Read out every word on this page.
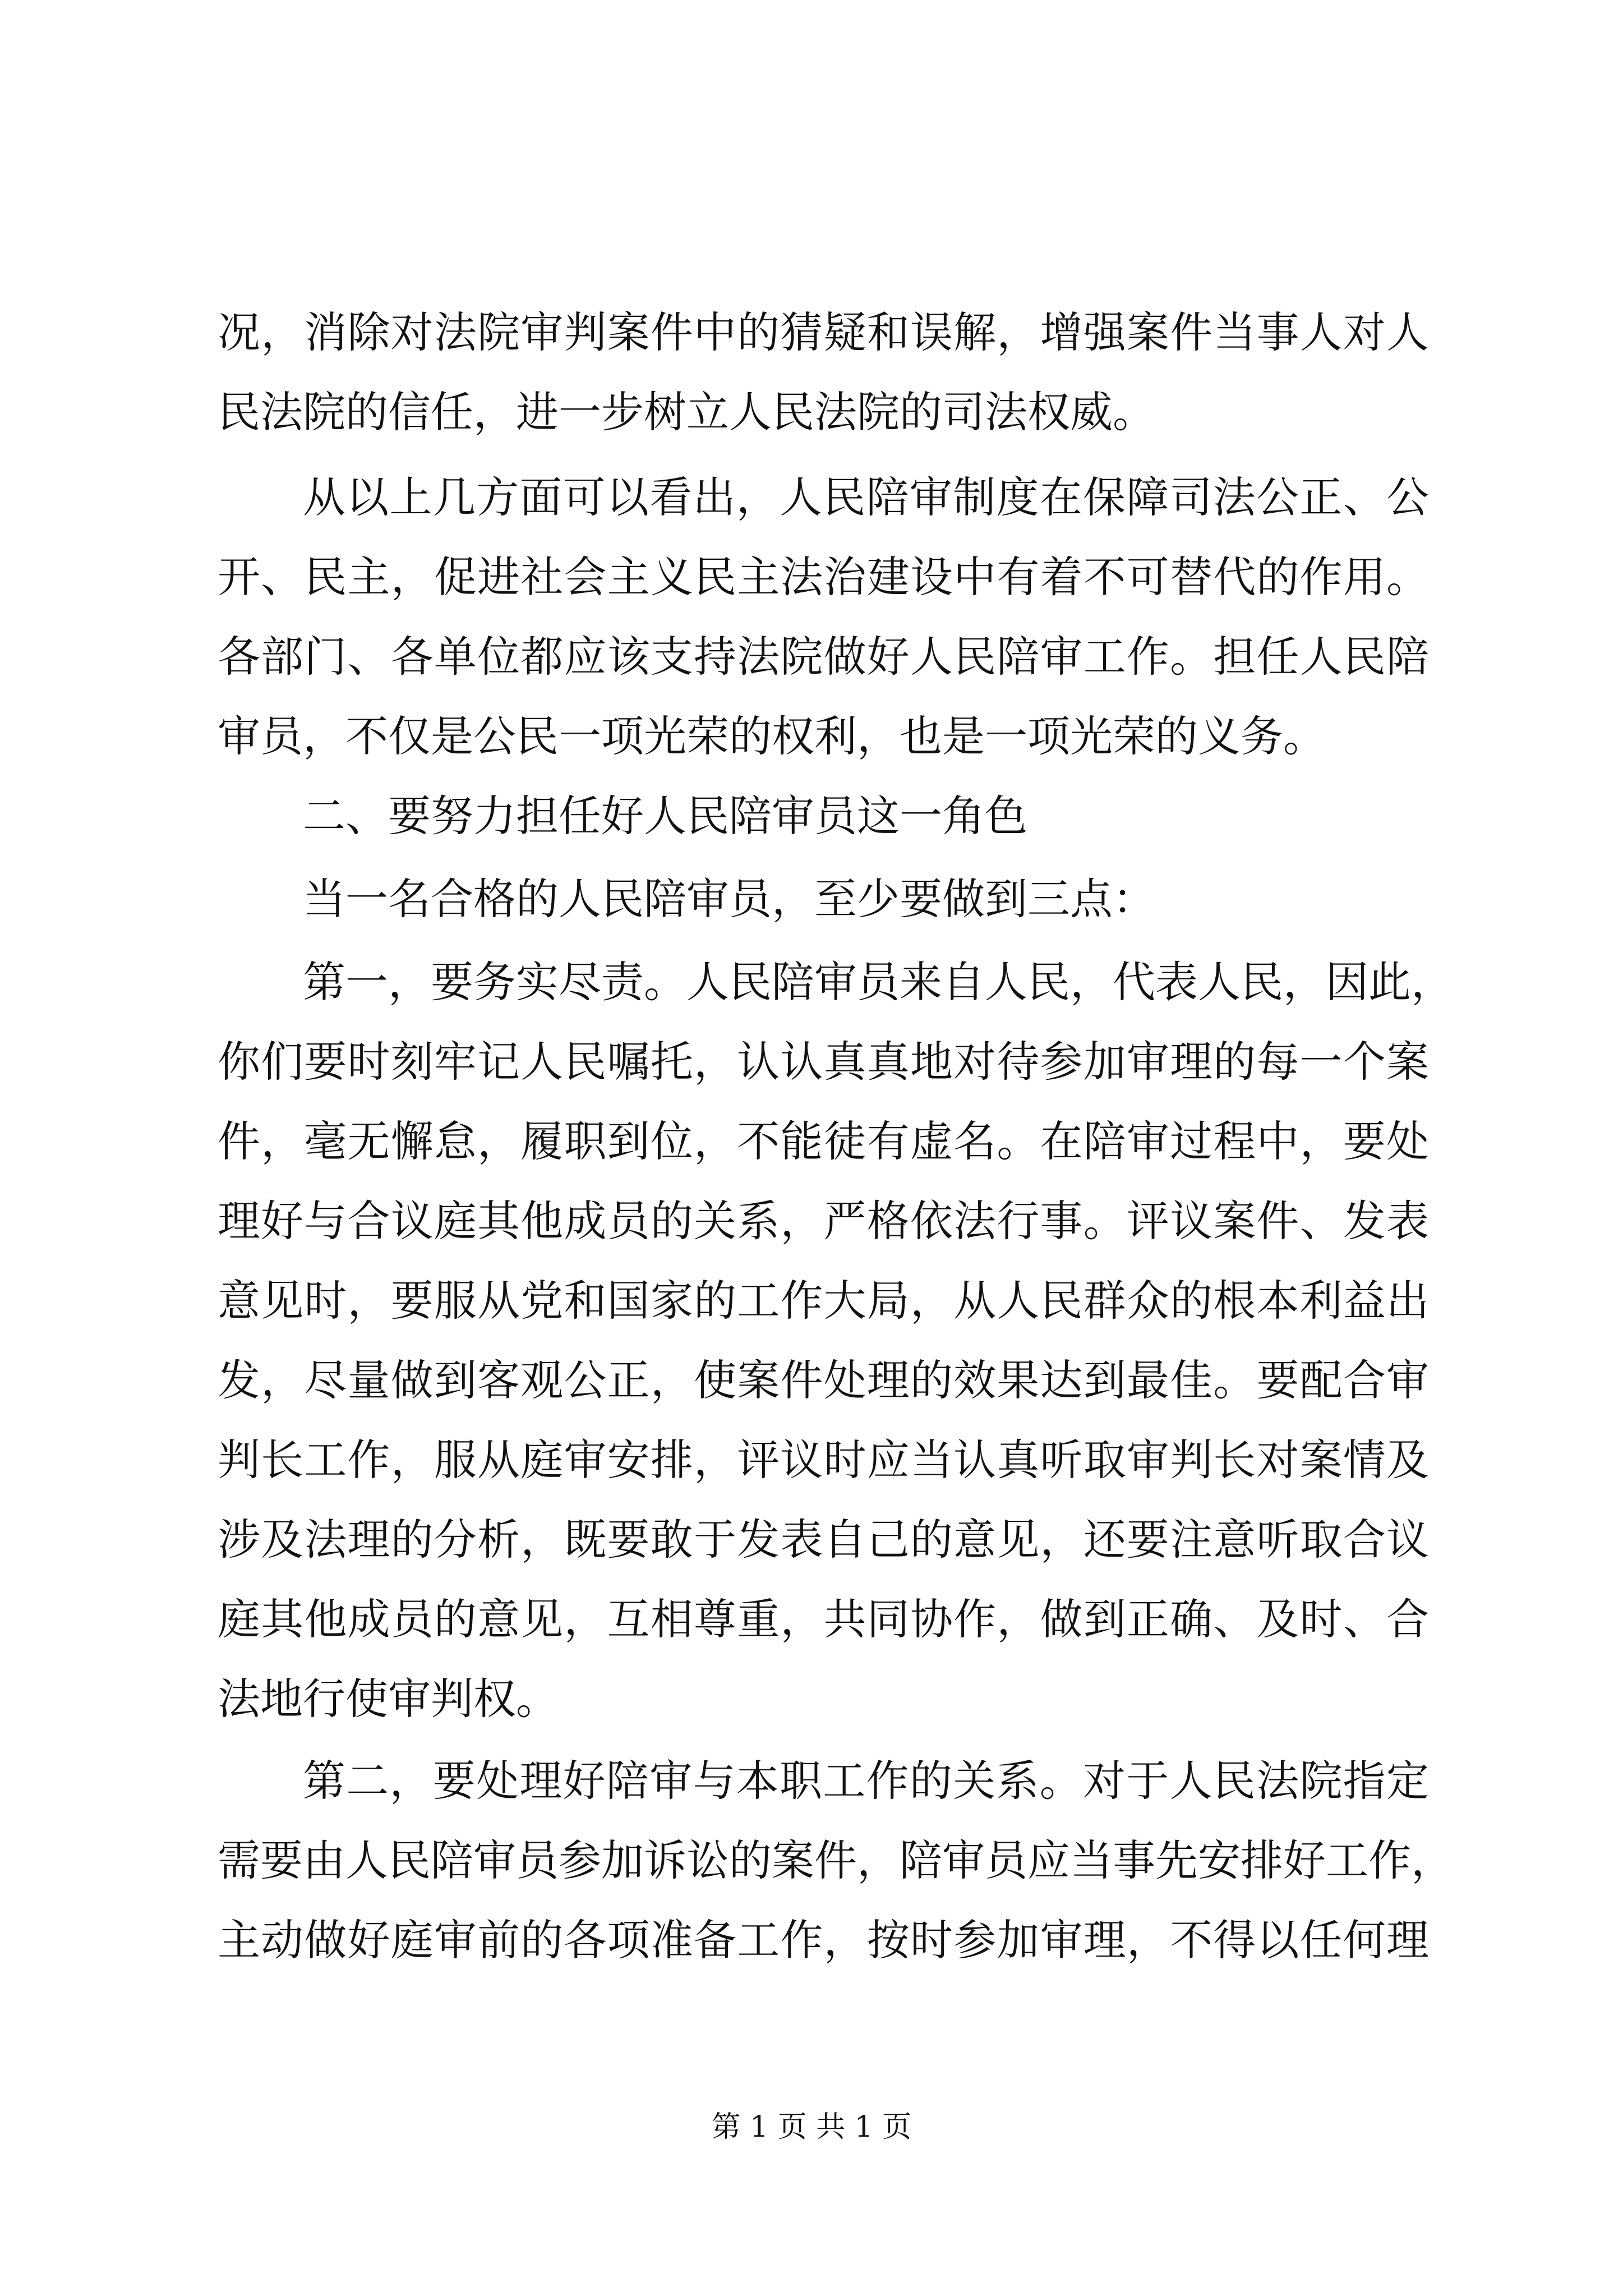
况，消除对法院审判案件中的猜疑和误解，增强案件当事人对人

民法院的信任，进一步树立人民法院的司法权威。

从以上几方面可以看出，人民陪审制度在保障司法公正、公

开、民主，促进社会主义民主法治建设中有着不可替代的作用。

各部门、各单位都应该支持法院做好人民陪审工作。担任人民陪

审员，不仅是公民一项光荣的权利，也是一项光荣的义务。

二、要努力担任好人民陪审员这一角色

当一名合格的人民陪审员，至少要做到三点：

第一，要务实尽责。人民陪审员来自人民，代表人民，因此，

你们要时刻牢记人民嘱托，认认真真地对待参加审理的每一个案

件，毫无懈怠，履职到位，不能徒有虚名。在陪审过程中，要处

理好与合议庭其他成员的关系，严格依法行事。评议案件、发表

意见时，要服从党和国家的工作大局，从人民群众的根本利益出

发，尽量做到客观公正，使案件处理的效果达到最佳。要配合审

判长工作，服从庭审安排，评议时应当认真听取审判长对案情及

涉及法理的分析，既要敢于发表自己的意见，还要注意听取合议

庭其他成员的意见，互相尊重，共同协作，做到正确、及时、合

法地行使审判权。

第二，要处理好陪审与本职工作的关系。对于人民法院指定

需要由人民陪审员参加诉讼的案件，陪审员应当事先安排好工作，

主动做好庭审前的各项准备工作，按时参加审理，不得以任何理

第 1 页 共 1 页
